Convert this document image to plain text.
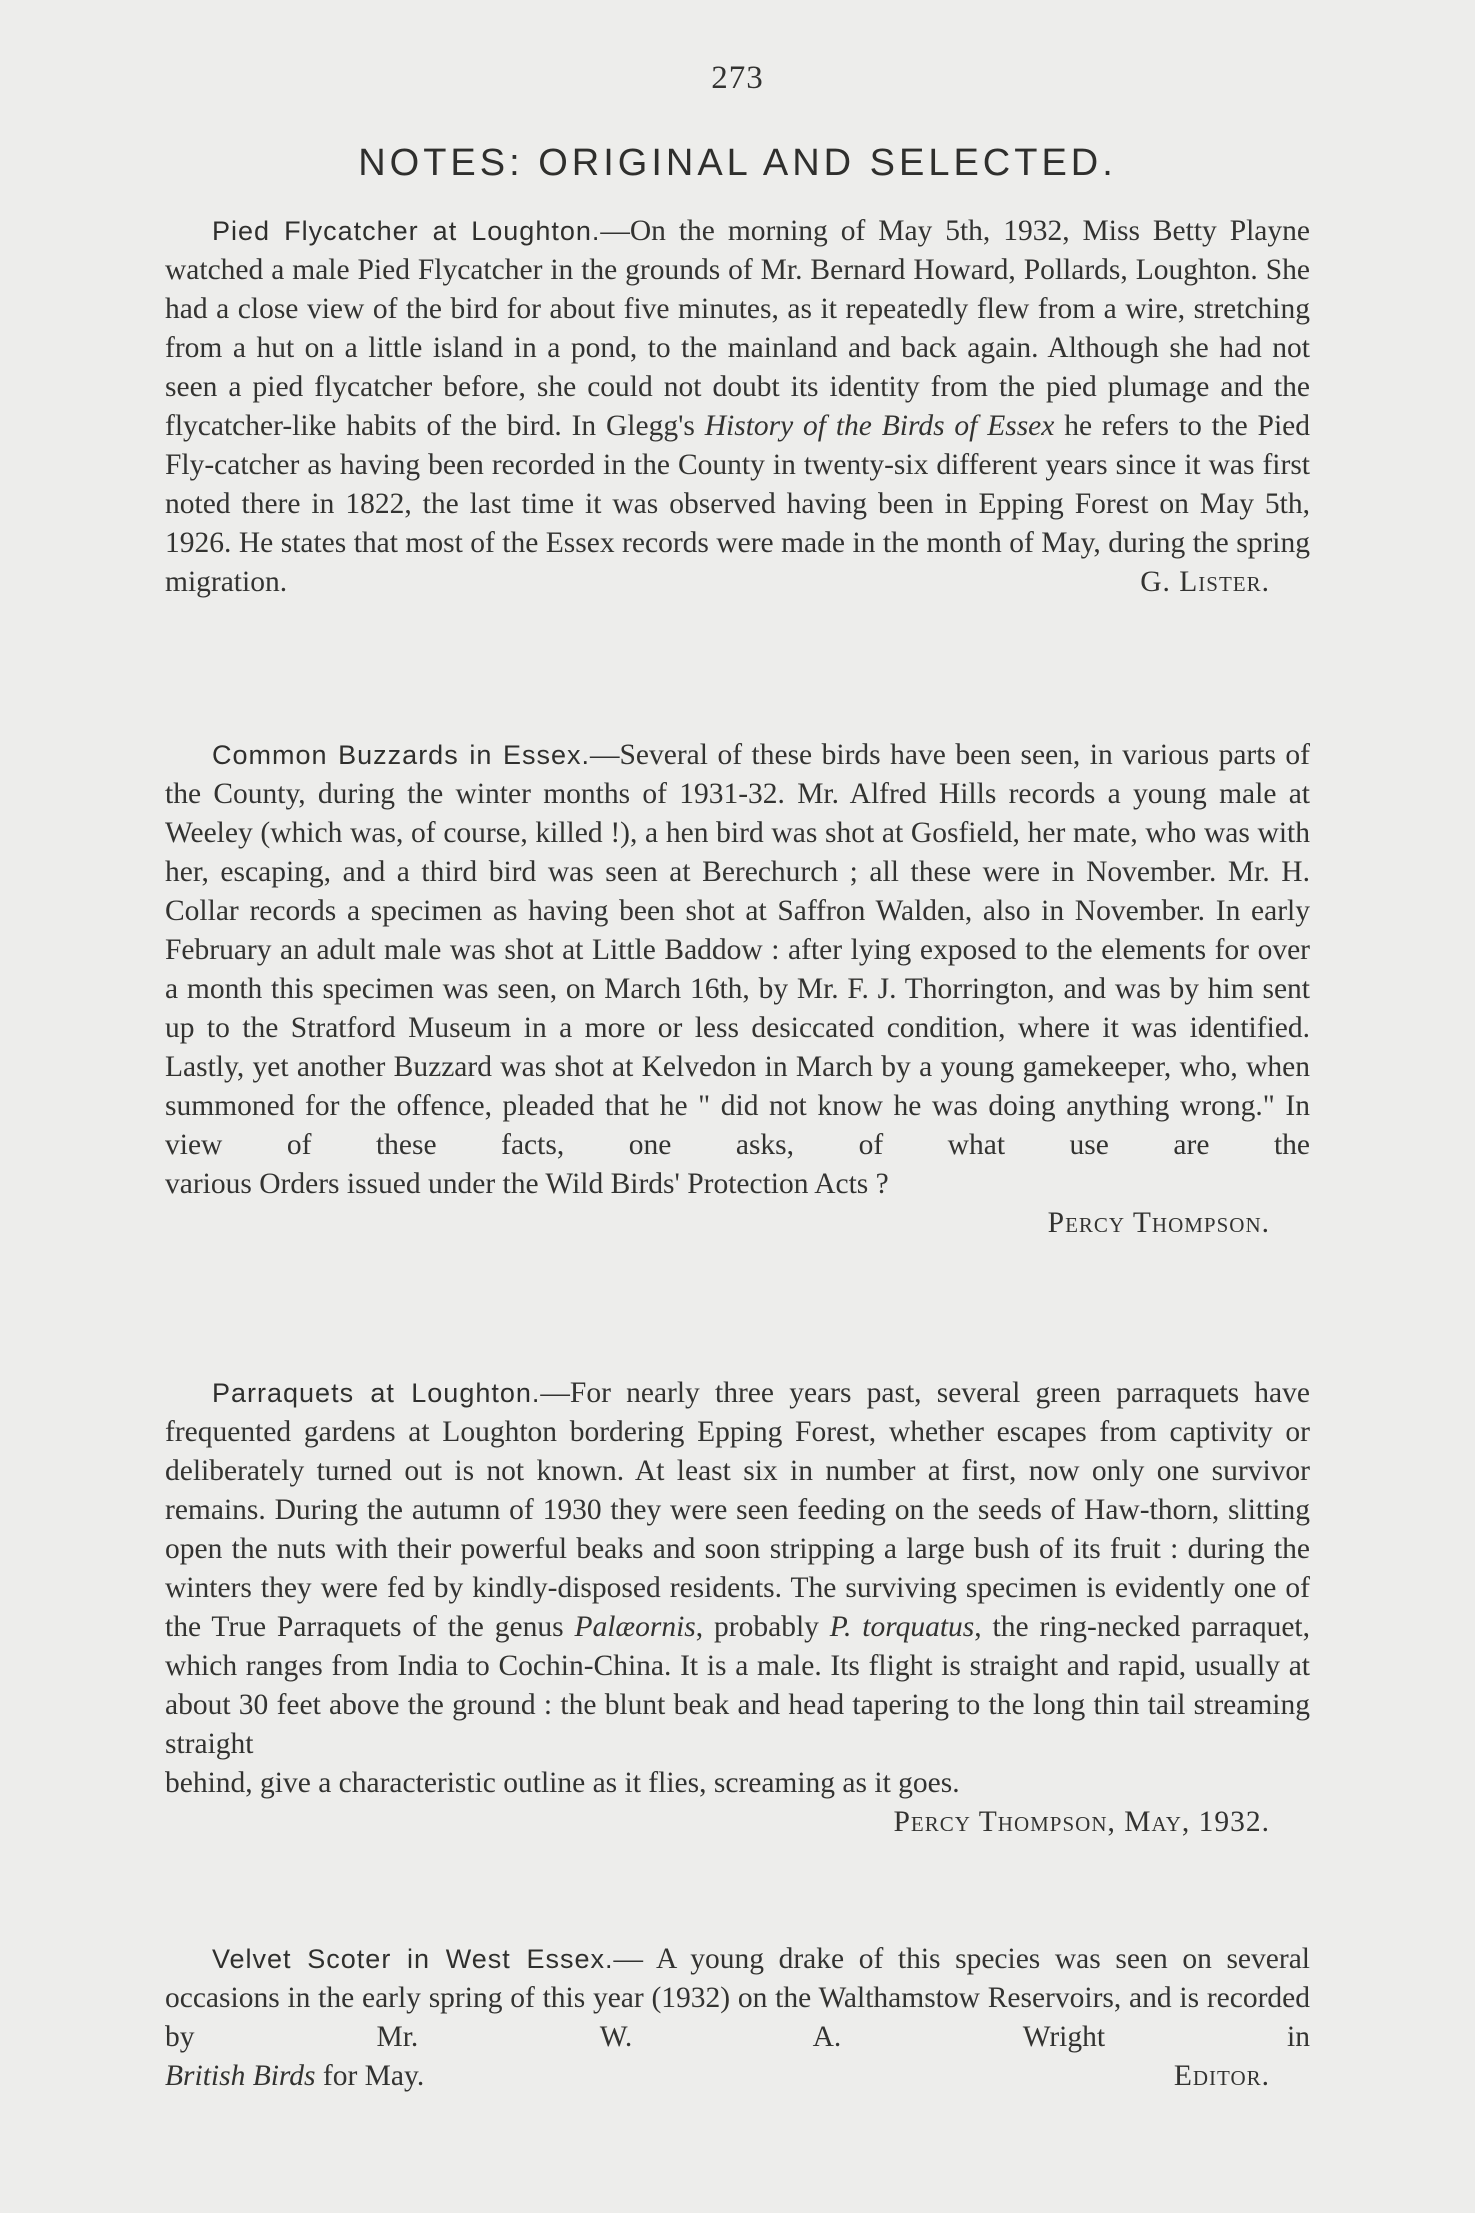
273
NOTES: ORIGINAL AND SELECTED.

Pied Flycatcher at Loughton.—On the morning of May 5th, 1932, Miss Betty Playne watched a male Pied Flycatcher in the grounds of Mr. Bernard Howard, Pollards, Loughton. She had a close view of the bird for about five minutes, as it repeatedly flew from a wire, stretching from a hut on a little island in a pond, to the mainland and back again. Although she had not seen a pied flycatcher before, she could not doubt its identity from the pied plumage and the flycatcher-like habits of the bird. In Glegg's History of the Birds of Essex he refers to the Pied Fly-catcher as having been recorded in the County in twenty-six different years since it was first noted there in 1822, the last time it was observed having been in Epping Forest on May 5th, 1926. He states that most of the Essex records were made in the month of May, during the spring

migration.	G. Lister.

Common Buzzards in Essex.—Several of these birds have been seen, in various parts of the County, during the winter months of 1931-32. Mr. Alfred Hills records a young male at Weeley (which was, of course, killed !), a hen bird was shot at Gosfield, her mate, who was with her, escaping, and a third bird was seen at Berechurch ; all these were in November. Mr. H. Collar records a specimen as having been shot at Saffron Walden, also in November. In early February an adult male was shot at Little Baddow : after lying exposed to the elements for over a month this specimen was seen, on March 16th, by Mr. F. J. Thorrington, and was by him sent up to the Stratford Museum in a more or less desiccated condition, where it was identified. Lastly, yet another Buzzard was shot at Kelvedon in March by a young gamekeeper, who, when summoned for the offence, pleaded that he " did not know he was doing anything wrong." In view of these facts, one asks, of what use are the

various Orders issued under the Wild Birds' Protection Acts ?
Percy Thompson.

Parraquets at Loughton.—For nearly three years past, several green parraquets have frequented gardens at Loughton bordering Epping Forest, whether escapes from captivity or deliberately turned out is not known. At least six in number at first, now only one survivor remains. During the autumn of 1930 they were seen feeding on the seeds of Haw-thorn, slitting open the nuts with their powerful beaks and soon stripping a large bush of its fruit : during the winters they were fed by kindly-disposed residents. The surviving specimen is evidently one of the True Parraquets of the genus Palæornis, probably P. torquatus, the ring-necked parraquet, which ranges from India to Cochin-China. It is a male. Its flight is straight and rapid, usually at about 30 feet above the ground : the blunt beak and head tapering to the long thin tail streaming straight

behind, give a characteristic outline as it flies, screaming as it goes.
Percy Thompson, May, 1932.

Velvet Scoter in West Essex.— A young drake of this species was seen on several occasions in the early spring of this year (1932) on the Walthamstow Reservoirs, and is recorded by Mr. W. A. Wright in

British Birds for May.	Editor.
